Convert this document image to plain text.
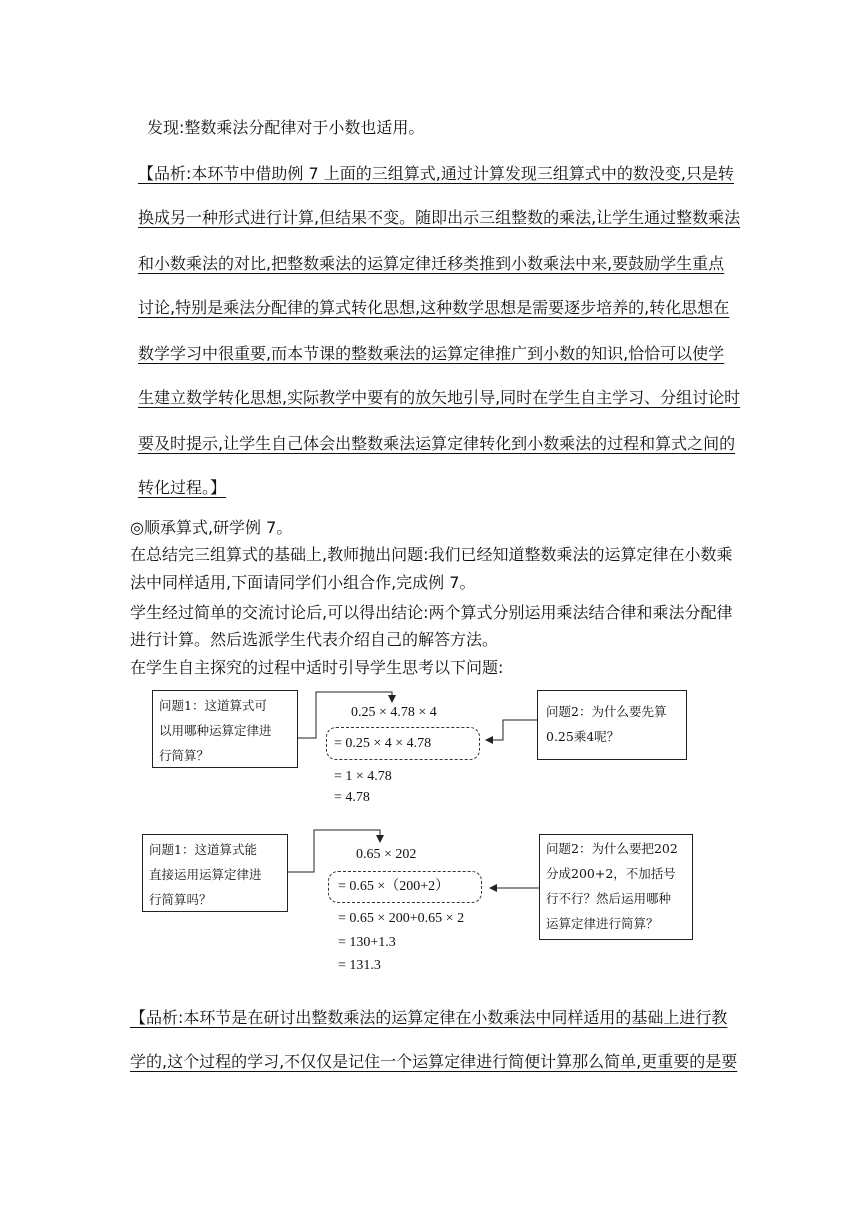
发现:整数乘法分配律对于小数也适用。
【品析:本环节中借助例 7 上面的三组算式,通过计算发现三组算式中的数没变,只是转
换成另一种形式进行计算,但结果不变。随即出示三组整数的乘法,让学生通过整数乘法
和小数乘法的对比,把整数乘法的运算定律迁移类推到小数乘法中来,要鼓励学生重点
讨论,特别是乘法分配律的算式转化思想,这种数学思想是需要逐步培养的,转化思想在
数学学习中很重要,而本节课的整数乘法的运算定律推广到小数的知识,恰恰可以使学
生建立数学转化思想,实际教学中要有的放矢地引导,同时在学生自主学习、分组讨论时
要及时提示,让学生自己体会出整数乘法运算定律转化到小数乘法的过程和算式之间的
转化过程。】
◎顺承算式,研学例 7。
在总结完三组算式的基础上,教师抛出问题:我们已经知道整数乘法的运算定律在小数乘
法中同样适用,下面请同学们小组合作,完成例 7。
学生经过简单的交流讨论后,可以得出结论:两个算式分别运用乘法结合律和乘法分配律
进行计算。然后选派学生代表介绍自己的解答方法。
在学生自主探究的过程中适时引导学生思考以下问题:
问题1：这道算式可
以用哪种运算定律进
行简算？
问题2：为什么要先算
0.25乘4呢？
0.25 × 4.78 × 4
= 0.25 × 4 × 4.78
= 1 × 4.78
= 4.78
问题1：这道算式能
直接运用运算定律进
行简算吗？
问题2：为什么要把202
分成200+2，不加括号
行不行？然后运用哪种
运算定律进行简算？
0.65 × 202
= 0.65 ×（200+2）
= 0.65 × 200+0.65 × 2
= 130+1.3
= 131.3
【品析:本环节是在研讨出整数乘法的运算定律在小数乘法中同样适用的基础上进行教
学的,这个过程的学习,不仅仅是记住一个运算定律进行简便计算那么简单,更重要的是要
